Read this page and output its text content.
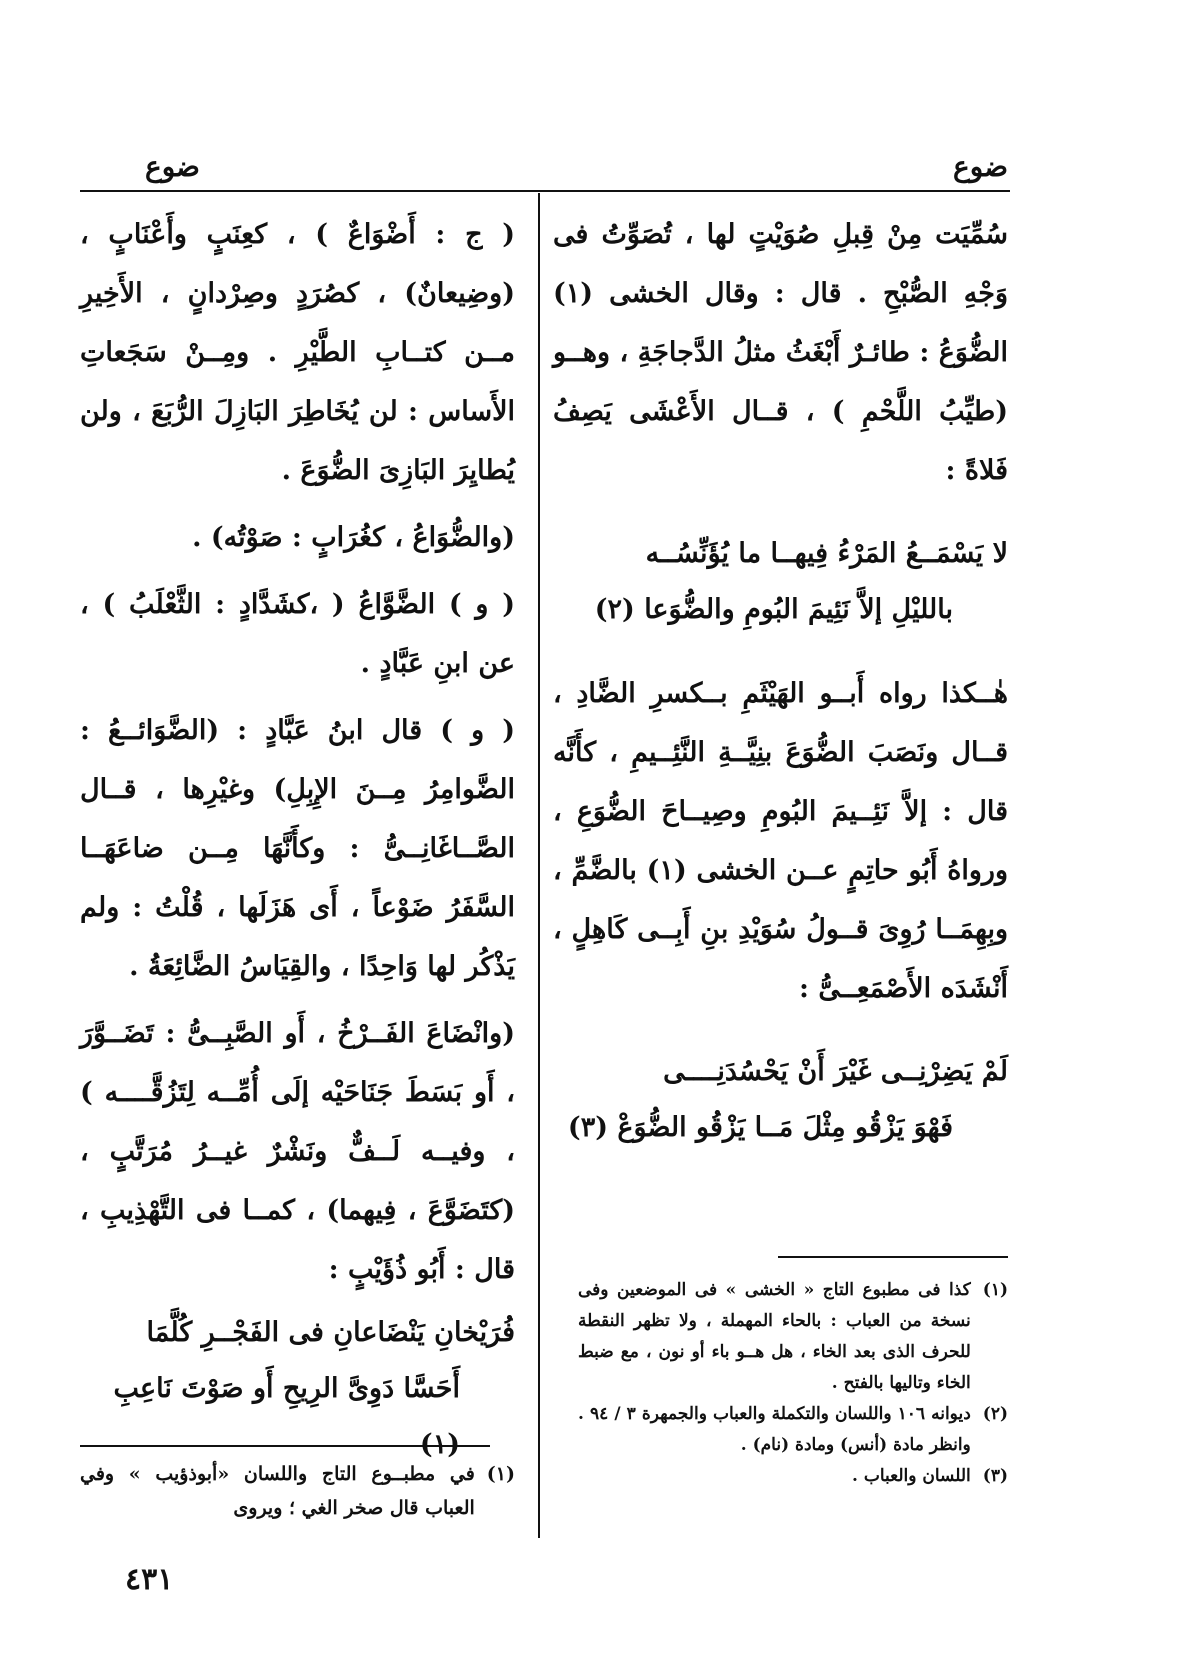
ضوع
ضوع

سُمِّيَت مِنْ قِبلِ صُوَيْتٍ لها ، تُصَوِّتُ فى وَجْهِ الصُّبْحِ . قال : وقال الخشى (١) الضُّوَعُ : طائـرٌ أَبْغَثُ مثلُ الدَّجاجَةِ ، وهــو (طيِّبُ اللَّحْمِ ) ، قــال الأَعْشَى يَصِفُ فَلاةً :

لا يَسْمَــعُ المَرْءُ فِيهــا ما يُؤَنِّسُــه
بالليْلِ إلاَّ نَئِيمَ البُومِ والضُّوَعا (٢)

هٰــكذا رواه أَبــو الهَيْثَمِ بــكسرِ الضَّادِ ، قــال ونَصَبَ الضُّوَعَ بنِيَّــةِ النَّئِــيمِ ، كأَنَّه قال : إلاَّ نَئِــيمَ البُومِ وصِيــاحَ الضُّوَعِ ، ورواهُ أَبُو حاتِمٍ عــن الخشى (١) بالضَّمِّ ، وبِهِمَــا رُوِىَ قــولُ سُوَيْدِ بنِ أَبِــى كَاهِلٍ ، أَنْشَدَه الأَصْمَعِــىُّ :

لَمْ يَضِرْنِــى غَيْرَ أَنْ يَحْسُدَنِــــى
فَهْوَ يَزْقُو مِثْلَ مَــا يَزْقُو الضُّوَعْ (٣)
(١)
كذا فى مطبوع التاج « الخشى » فى الموضعين وفى نسخة من العباب : بالحاء المهملة ، ولا تظهر النقطة للحرف الذى بعد الخاء ، هل هــو باء أو نون ، مع ضبط الخاء وتاليها بالفتح .
(٢)
ديوانه ١٠٦ واللسان والتكملة والعباب والجمهرة ٣ / ٩٤ . وانظر مادة (أنس) ومادة (نام) .
(٣)
اللسان والعباب .

( ج : أَضْوَاعٌ ) ، كعِنَبٍ وأَعْنَابٍ ، (وضِيعانٌ) ، كصُرَدٍ وصِرْدانٍ ، الأَخِيرِ مــن كتــابِ الطَّيْرِ . ومِــنْ سَجَعاتِ الأَساس : لن يُخَاطِرَ البَازِلَ الرُّبَعَ ، ولن يُطايِرَ البَازِىَ الضُّوَعَ .

(والضُّوَاعُ ، كغُرَابٍ : صَوْتُه) .

( و ) الضَّوَّاعُ ( ،كشَدَّادٍ : الثَّعْلَبُ ) ، عن ابنِ عَبَّادٍ .

( و ) قال ابنُ عَبَّادٍ : (الضَّوَائــعُ : الضَّوامِرُ مِــنَ الإِبِلِ) وغيْرِها ، قــال الصَّــاغَانِــىُّ : وكأَنَّهَا مِــن ضاعَهَــا السَّفَرُ ضَوْعاً ، أَى هَزَلَها ، قُلْتُ : ولم يَذْكُر لها وَاحِدًا ، والقِيَاسُ الضَّائِعَةُ .

(وانْضَاعَ الفَــرْخُ ، أَو الصَّبِــىُّ : تَضَــوَّرَ ، أَو بَسَطَ جَنَاحَيْه إلَى أُمِّــه لِتَزُقَّــــه ) ، وفيــه لَــفٌّ ونَشْرٌ غيــرُ مُرَتَّبٍ ، (كتَضَوَّعَ ، فِيهما) ، كمــا فى التَّهْذِيبِ ، قال : أَبُو ذُؤَيْبٍ :

فُرَيْخانِ يَنْضَاعانِ فى الفَجْــرِ كُلَّمَا
أَحَسَّا دَوِىَّ الرِيحِ أَو صَوْتَ نَاعِبِ
(١)
في مطبــوع التاج واللسان «أبوذؤيب » وفي العباب قال صخر الغي ؛ ويروى
٤٣١
